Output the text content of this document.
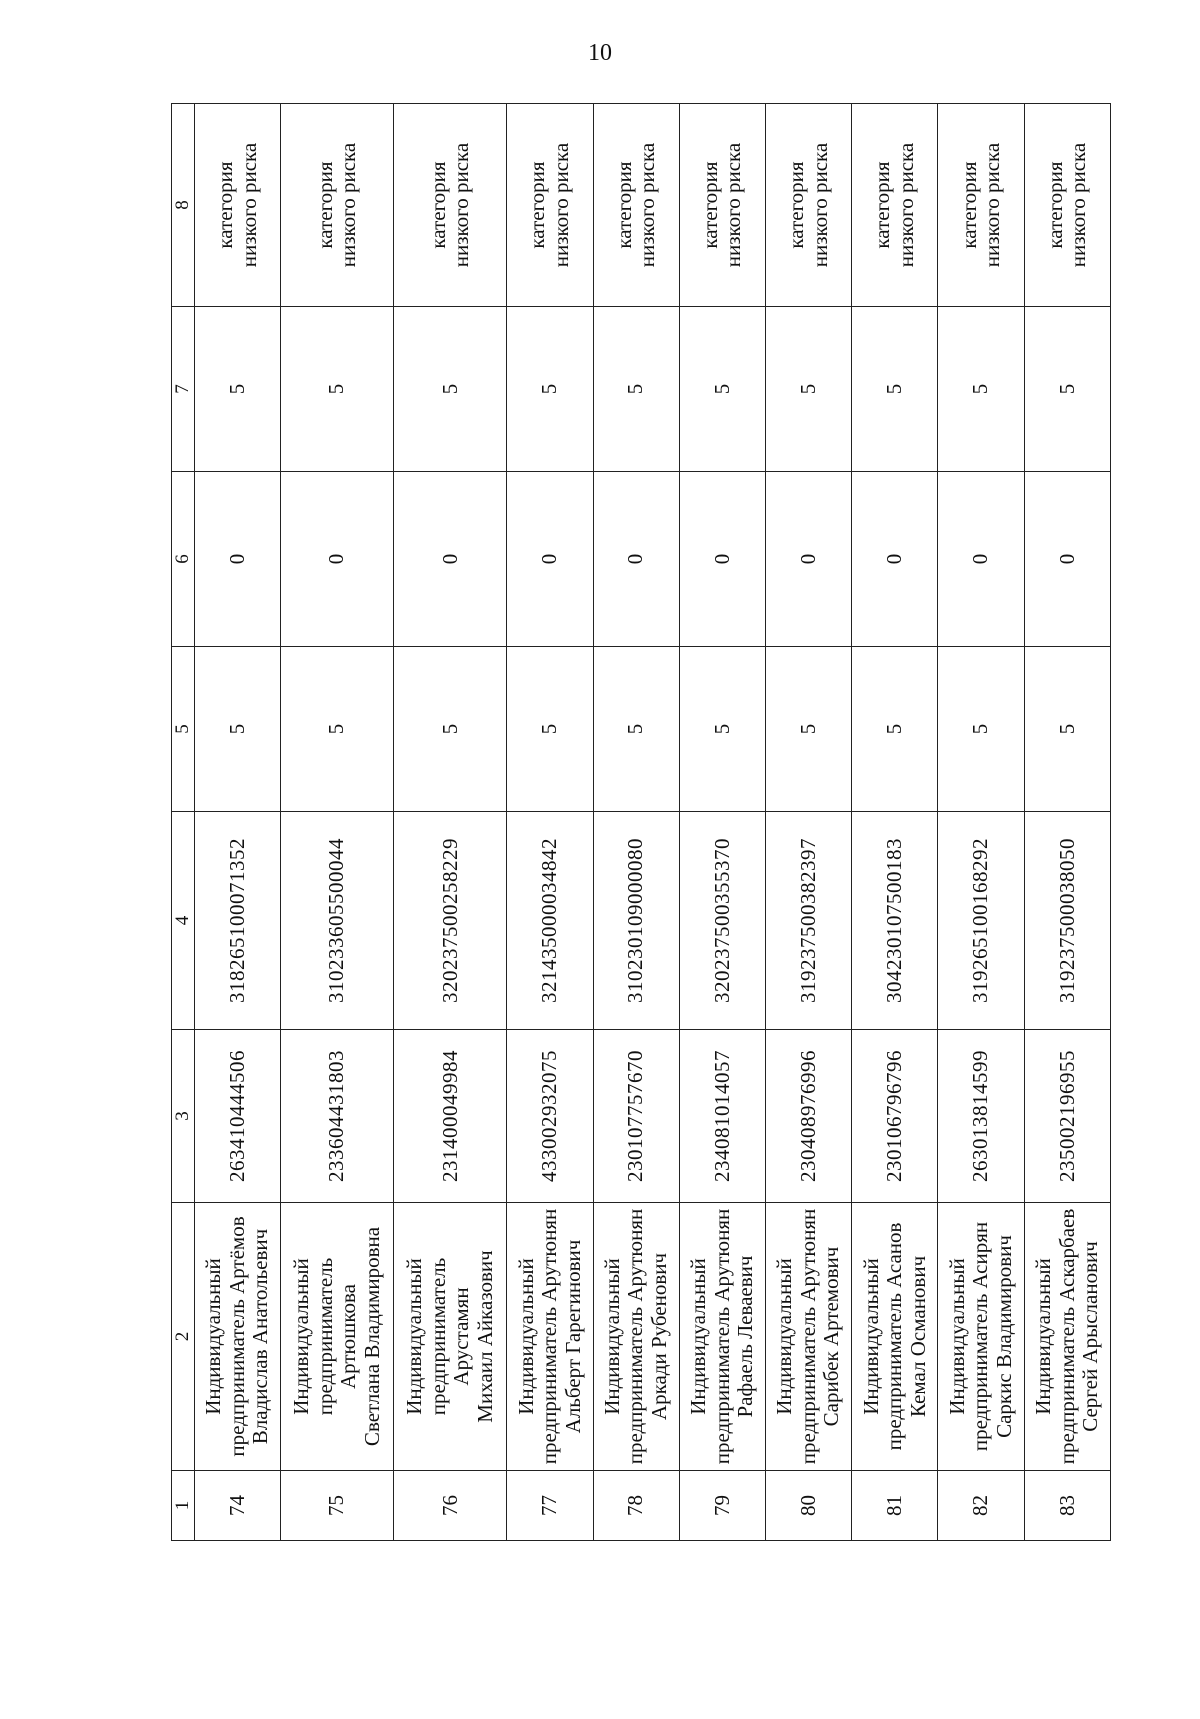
10
1	2	3	4	5	6	7	8
74	Индивидуальный предприниматель Артёмов Владислав Анатольевич	263410444506	318265100071352	5	0	5	категория низкого риска

75	Индивидуальный предприниматель Артюшкова Светлана Владимировна	233604431803	310233605500044	5	0	5	категория низкого риска

76	Индивидуальный предприниматель Арустамян Михаил Айказович	231400049984	320237500258229	5	0	5	категория низкого риска

77	Индивидуальный предприниматель Арутюнян Альберт Гарегинович	433002932075	321435000034842	5	0	5	категория низкого риска

78	Индивидуальный предприниматель Арутюнян Аркади Рубенович	230107757670	310230109000080	5	0	5	категория низкого риска

79	Индивидуальный предприниматель Арутюнян Рафаель Леваевич	234081014057	320237500355370	5	0	5	категория низкого риска

80	Индивидуальный предприниматель Арутюнян Сарибек Артемович	230408976996	319237500382397	5	0	5	категория низкого риска

81	Индивидуальный предприниматель Асанов Кемал Османович	230106796796	304230107500183	5	0	5	категория низкого риска

82	Индивидуальный предприниматель Асирян Саркис Владимирович	263013814599	319265100168292	5	0	5	категория низкого риска

83	Индивидуальный предприниматель Аскарбаев Сергей Арысланович	235002196955	319237500038050	5	0	5	категория низкого риска
